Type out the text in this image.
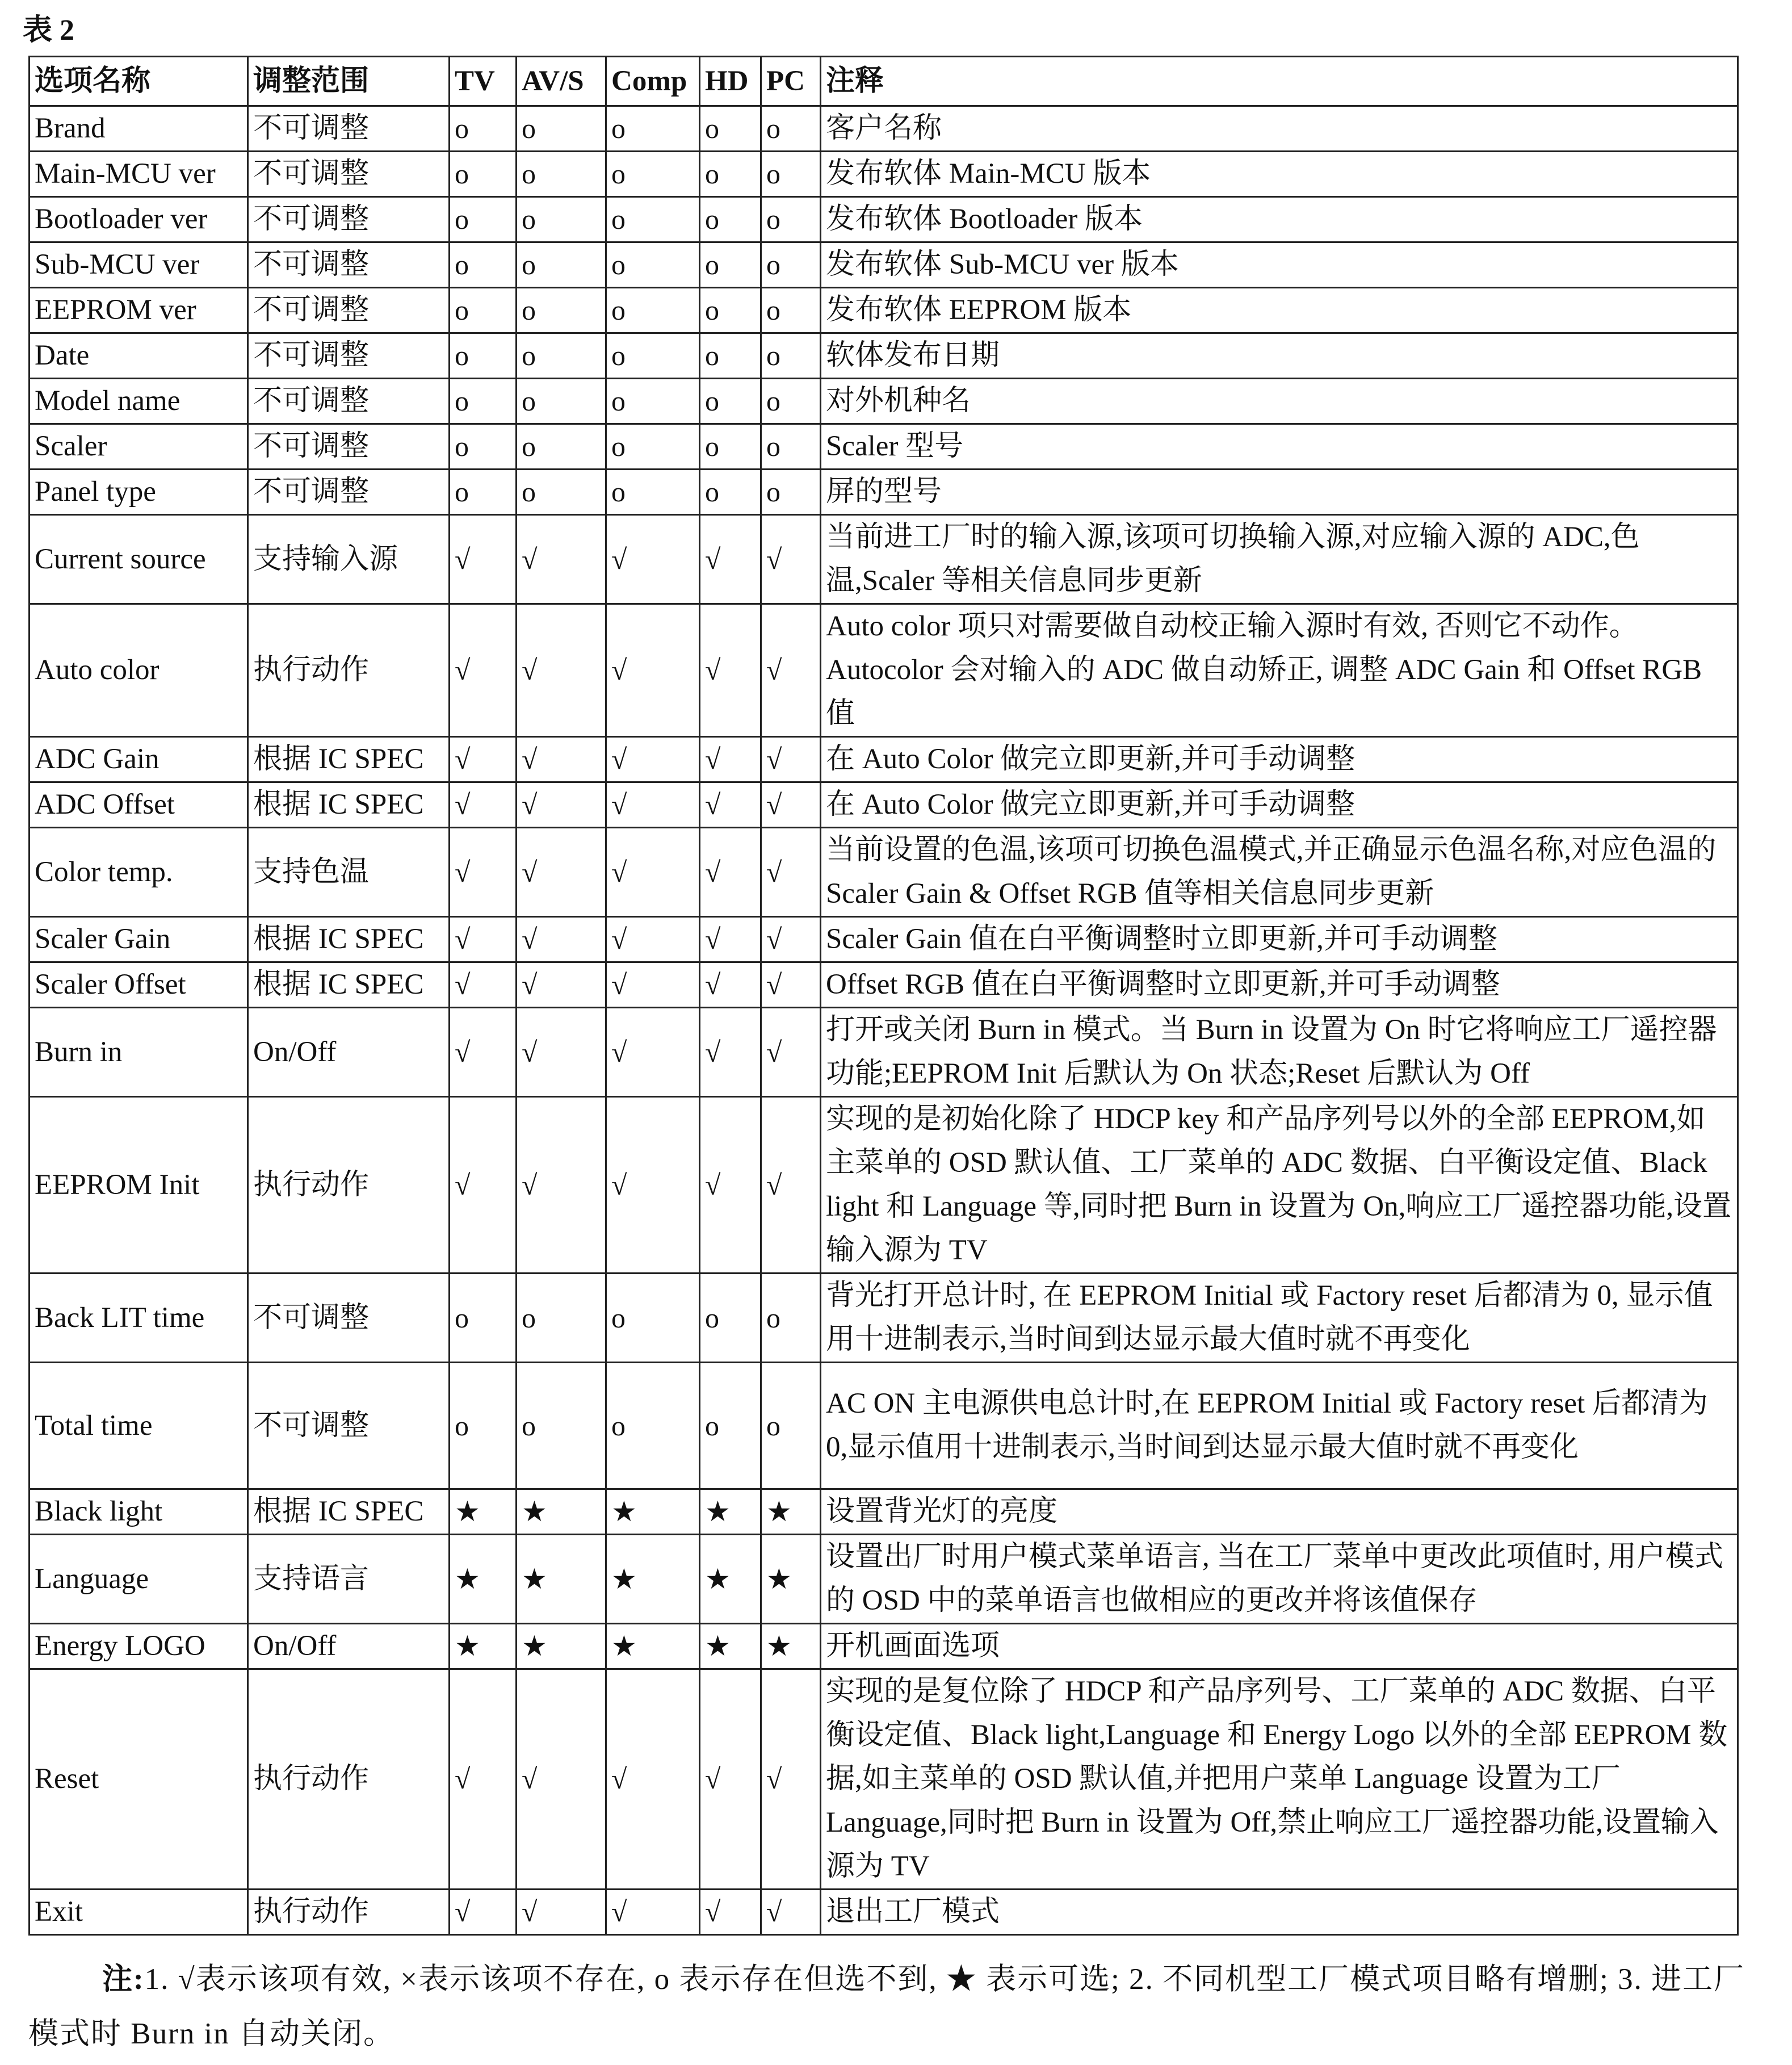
表 2
选项名称	调整范围	TV	AV/S	Comp	HD	PC	注释
Brand	不可调整	o	o	o	o	o	客户名称
Main-MCU ver	不可调整	o	o	o	o	o	发布软体 Main-MCU 版本
Bootloader ver	不可调整	o	o	o	o	o	发布软体 Bootloader 版本
Sub-MCU ver	不可调整	o	o	o	o	o	发布软体 Sub-MCU ver 版本
EEPROM ver	不可调整	o	o	o	o	o	发布软体 EEPROM 版本
Date	不可调整	o	o	o	o	o	软体发布日期
Model name	不可调整	o	o	o	o	o	对外机种名
Scaler	不可调整	o	o	o	o	o	Scaler 型号
Panel type	不可调整	o	o	o	o	o	屏的型号
Current source	支持输入源	√	√	√	√	√	当前进工厂时的输入源,该项可切换输入源,对应输入源的 ADC,色温,Scaler 等相关信息同步更新
Auto color	执行动作	√	√	√	√	√	Auto color 项只对需要做自动校正输入源时有效, 否则它不动作。Autocolor 会对输入的 ADC 做自动矫正, 调整 ADC Gain 和 Offset RGB 值
ADC Gain	根据 IC SPEC	√	√	√	√	√	在 Auto Color 做完立即更新,并可手动调整
ADC Offset	根据 IC SPEC	√	√	√	√	√	在 Auto Color 做完立即更新,并可手动调整
Color temp.	支持色温	√	√	√	√	√	当前设置的色温,该项可切换色温模式,并正确显示色温名称,对应色温的 Scaler Gain & Offset RGB 值等相关信息同步更新
Scaler Gain	根据 IC SPEC	√	√	√	√	√	Scaler Gain 值在白平衡调整时立即更新,并可手动调整
Scaler Offset	根据 IC SPEC	√	√	√	√	√	Offset RGB 值在白平衡调整时立即更新,并可手动调整
Burn in	On/Off	√	√	√	√	√	打开或关闭 Burn in 模式。当 Burn in 设置为 On 时它将响应工厂遥控器功能;EEPROM Init 后默认为 On 状态;Reset 后默认为 Off
EEPROM Init	执行动作	√	√	√	√	√	实现的是初始化除了 HDCP key 和产品序列号以外的全部 EEPROM,如主菜单的 OSD 默认值、工厂菜单的 ADC 数据、白平衡设定值、Black light 和 Language 等,同时把 Burn in 设置为 On,响应工厂遥控器功能,设置输入源为 TV
Back LIT time	不可调整	o	o	o	o	o	背光打开总计时, 在 EEPROM Initial 或 Factory reset 后都清为 0, 显示值用十进制表示,当时间到达显示最大值时就不再变化
Total time	不可调整	o	o	o	o	o	AC ON 主电源供电总计时,在 EEPROM Initial 或 Factory reset 后都清为 0,显示值用十进制表示,当时间到达显示最大值时就不再变化
Black light	根据 IC SPEC	★	★	★	★	★	设置背光灯的亮度
Language	支持语言	★	★	★	★	★	设置出厂时用户模式菜单语言, 当在工厂菜单中更改此项值时, 用户模式的 OSD 中的菜单语言也做相应的更改并将该值保存
Energy LOGO	On/Off	★	★	★	★	★	开机画面选项
Reset	执行动作	√	√	√	√	√	实现的是复位除了 HDCP 和产品序列号、工厂菜单的 ADC 数据、白平衡设定值、Black light,Language 和 Energy Logo 以外的全部 EEPROM 数据,如主菜单的 OSD 默认值,并把用户菜单 Language 设置为工厂 Language,同时把 Burn in 设置为 Off,禁止响应工厂遥控器功能,设置输入源为 TV
Exit	执行动作	√	√	√	√	√	退出工厂模式
注:1. √表示该项有效, ×表示该项不存在, o 表示存在但选不到, ★ 表示可选; 2. 不同机型工厂模式项目略有增删; 3. 进工厂模式时 Burn in 自动关闭。
